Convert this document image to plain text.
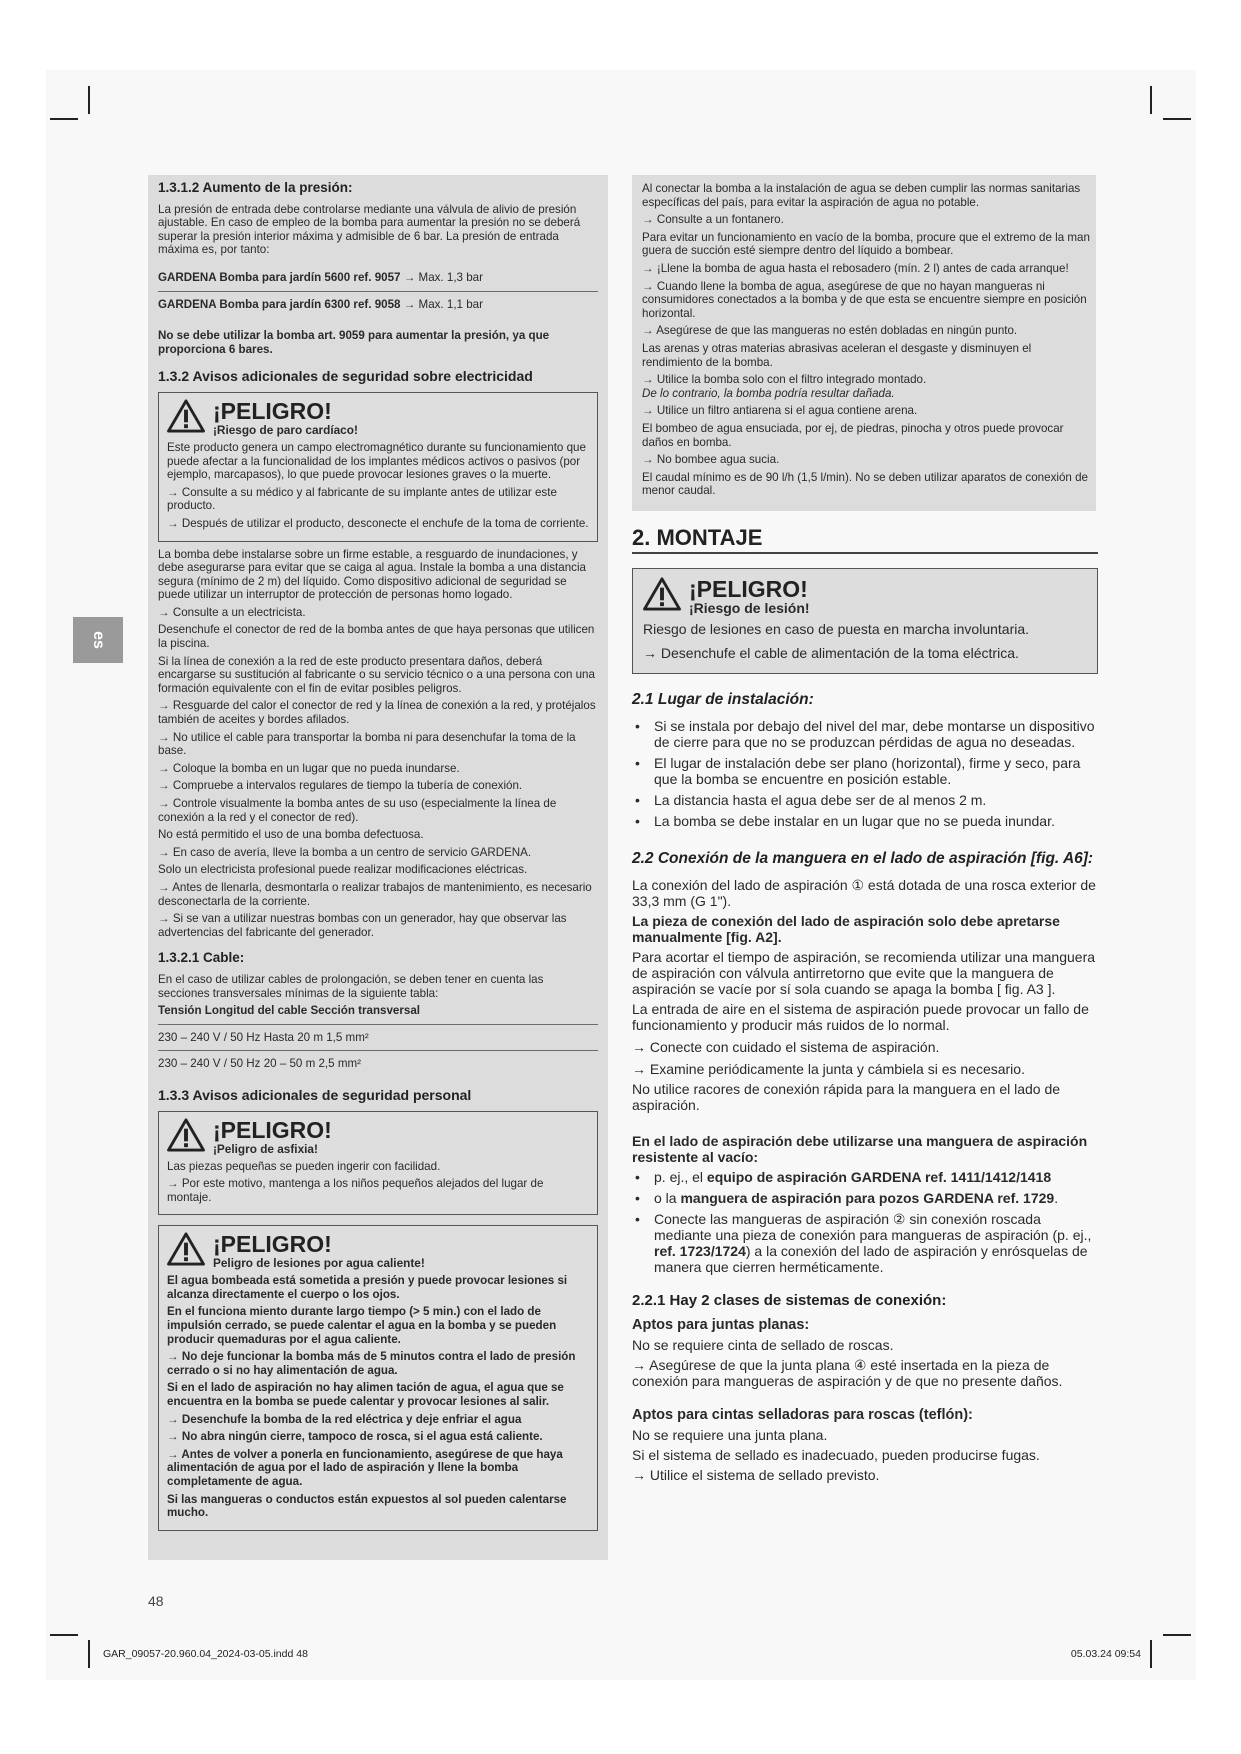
es
1.3.1.2 Aumento de la presión:

La presión de entrada debe controlarse mediante una válvula de alivio de presión ajustable. En caso de empleo de la bomba para aumentar la presión no se deberá superar la presión interior máxima y admisible de 6 bar. La presión de entrada máxima es, por tanto:

GARDENA Bomba para jardín 5600 ref. 9057 → Max. 1,3 bar

GARDENA Bomba para jardín 6300 ref. 9058 → Max. 1,1 bar

No se debe utilizar la bomba art. 9059 para aumentar la presión, ya que proporciona 6 bares.

1.3.2 Avisos adicionales de seguridad sobre electricidad
¡PELIGRO!
¡Riesgo de paro cardíaco!

Este producto genera un campo electromagnético durante su funcionamiento que puede afectar a la funcionalidad de los implantes médicos activos o pasivos (por ejemplo, marcapasos), lo que puede provocar lesiones graves o la muerte.

→ Consulte a su médico y al fabricante de su implante antes de utilizar este producto.

→ Después de utilizar el producto, desconecte el enchufe de la toma de corriente.

La bomba debe instalarse sobre un firme estable, a resguardo de inundaciones, y debe asegurarse para evitar que se caiga al agua. Instale la bomba a una distancia segura (mínimo de 2 m) del líquido. Como dispositivo adicional de seguridad se puede utilizar un interruptor de protección de personas homo logado.

→ Consulte a un electricista.

Desenchufe el conector de red de la bomba antes de que haya personas que utilicen la piscina.

Si la línea de conexión a la red de este producto presentara daños, deberá encargarse su sustitución al fabricante o su servicio técnico o a una persona con una formación equivalente con el fin de evitar posibles peligros.

→ Resguarde del calor el conector de red y la línea de conexión a la red, y protéjalos también de aceites y bordes afilados.

→ No utilice el cable para transportar la bomba ni para desenchufar la toma de la base.

→ Coloque la bomba en un lugar que no pueda inundarse.

→ Compruebe a intervalos regulares de tiempo la tubería de conexión.

→ Controle visualmente la bomba antes de su uso (especialmente la línea de conexión a la red y el conector de red).

No está permitido el uso de una bomba defectuosa.

→ En caso de avería, lleve la bomba a un centro de servicio GARDENA.

Solo un electricista profesional puede realizar modificaciones eléctricas.

→ Antes de llenarla, desmontarla o realizar trabajos de mantenimiento, es necesario desconectarla de la corriente.

→ Si se van a utilizar nuestras bombas con un generador, hay que observar las advertencias del fabricante del generador.

1.3.2.1 Cable:

En el caso de utilizar cables de prolongación, se deben tener en cuenta las secciones transversales mínimas de la siguiente tabla:

Tensión Longitud del cable Sección transversal

230 – 240 V / 50 Hz Hasta 20 m 1,5 mm²

230 – 240 V / 50 Hz 20 – 50 m 2,5 mm²

1.3.3 Avisos adicionales de seguridad personal
¡PELIGRO!
¡Peligro de asfixia!

Las piezas pequeñas se pueden ingerir con facilidad.

→ Por este motivo, mantenga a los niños pequeños alejados del lugar de montaje.

¡PELIGRO!
Peligro de lesiones por agua caliente!

El agua bombeada está sometida a presión y puede provocar lesiones si alcanza directamente el cuerpo o los ojos.

En el funciona miento durante largo tiempo (> 5 min.) con el lado de impulsión cerrado, se puede calentar el agua en la bomba y se pueden producir quemaduras por el agua caliente.

→ No deje funcionar la bomba más de 5 minutos contra el lado de presión cerrado o si no hay alimentación de agua.

Si en el lado de aspiración no hay alimen tación de agua, el agua que se encuentra en la bomba se puede calentar y provocar lesiones al salir.

→ Desenchufe la bomba de la red eléctrica y deje enfriar el agua

→ No abra ningún cierre, tampoco de rosca, si el agua está caliente.

→ Antes de volver a ponerla en funcionamiento, asegúrese de que haya alimentación de agua por el lado de aspiración y llene la bomba completamente de agua.

Si las mangueras o conductos están expuestos al sol pueden calentarse mucho.

Al conectar la bomba a la instalación de agua se deben cumplir las normas sanitarias específicas del país, para evitar la aspiración de agua no potable.

→ Consulte a un fontanero.

Para evitar un funcionamiento en vacío de la bomba, procure que el extremo de la man guera de succión esté siempre dentro del líquido a bombear.

→ ¡Llene la bomba de agua hasta el rebosadero (mín. 2 l) antes de cada arranque!

→ Cuando llene la bomba de agua, asegúrese de que no hayan mangueras ni consumidores conectados a la bomba y de que esta se encuentre siempre en posición horizontal.

→ Asegúrese de que las mangueras no estén dobladas en ningún punto.

Las arenas y otras materias abrasivas aceleran el desgaste y disminuyen el rendimiento de la bomba.

→ Utilice la bomba solo con el filtro integrado montado.

De lo contrario, la bomba podría resultar dañada.

→ Utilice un filtro antiarena si el agua contiene arena.

El bombeo de agua ensuciada, por ej, de piedras, pinocha y otros puede provocar daños en bomba.

→ No bombee agua sucia.

El caudal mínimo es de 90 l/h (1,5 l/min). No se deben utilizar aparatos de conexión de menor caudal.

2. MONTAJE
¡PELIGRO!
¡Riesgo de lesión!

Riesgo de lesiones en caso de puesta en marcha involuntaria.

→ Desenchufe el cable de alimentación de la toma eléctrica.

2.1 Lugar de instalación:
• Si se instala por debajo del nivel del mar, debe montarse un dispositivo de cierre para que no se produzcan pérdidas de agua no deseadas.
• El lugar de instalación debe ser plano (horizontal), firme y seco, para que la bomba se encuentre en posición estable.
• La distancia hasta el agua debe ser de al menos 2 m.
• La bomba se debe instalar en un lugar que no se pueda inundar.
2.2 Conexión de la manguera en el lado de aspiración [fig. A6]:

La conexión del lado de aspiración ① está dotada de una rosca exterior de 33,3 mm (G 1").

La pieza de conexión del lado de aspiración solo debe apretarse manualmente [fig. A2].

Para acortar el tiempo de aspiración, se recomienda utilizar una manguera de aspiración con válvula antirretorno que evite que la manguera de aspiración se vacíe por sí sola cuando se apaga la bomba [ fig. A3 ].

La entrada de aire en el sistema de aspiración puede provocar un fallo de funcionamiento y producir más ruidos de lo normal.

→ Conecte con cuidado el sistema de aspiración.

→ Examine periódicamente la junta y cámbiela si es necesario.

No utilice racores de conexión rápida para la manguera en el lado de aspiración.

En el lado de aspiración debe utilizarse una manguera de aspiración resistente al vacío:

• p. ej., el equipo de aspiración GARDENA ref. 1411/1412/1418
• o la manguera de aspiración para pozos GARDENA ref. 1729.
• Conecte las mangueras de aspiración ② sin conexión roscada mediante una pieza de conexión para mangueras de aspiración (p. ej., ref. 1723/1724) a la conexión del lado de aspiración y enrósquelas de manera que cierren herméticamente.
2.2.1 Hay 2 clases de sistemas de conexión:

Aptos para juntas planas:

No se requiere cinta de sellado de roscas.

→ Asegúrese de que la junta plana ④ esté insertada en la pieza de conexión para mangueras de aspiración y de que no presente daños.

Aptos para cintas selladoras para roscas (teflón):

No se requiere una junta plana.

Si el sistema de sellado es inadecuado, pueden producirse fugas.

→ Utilice el sistema de sellado previsto.

48
GAR_09057-20.960.04_2024-03-05.indd 48	05.03.24 09:54
